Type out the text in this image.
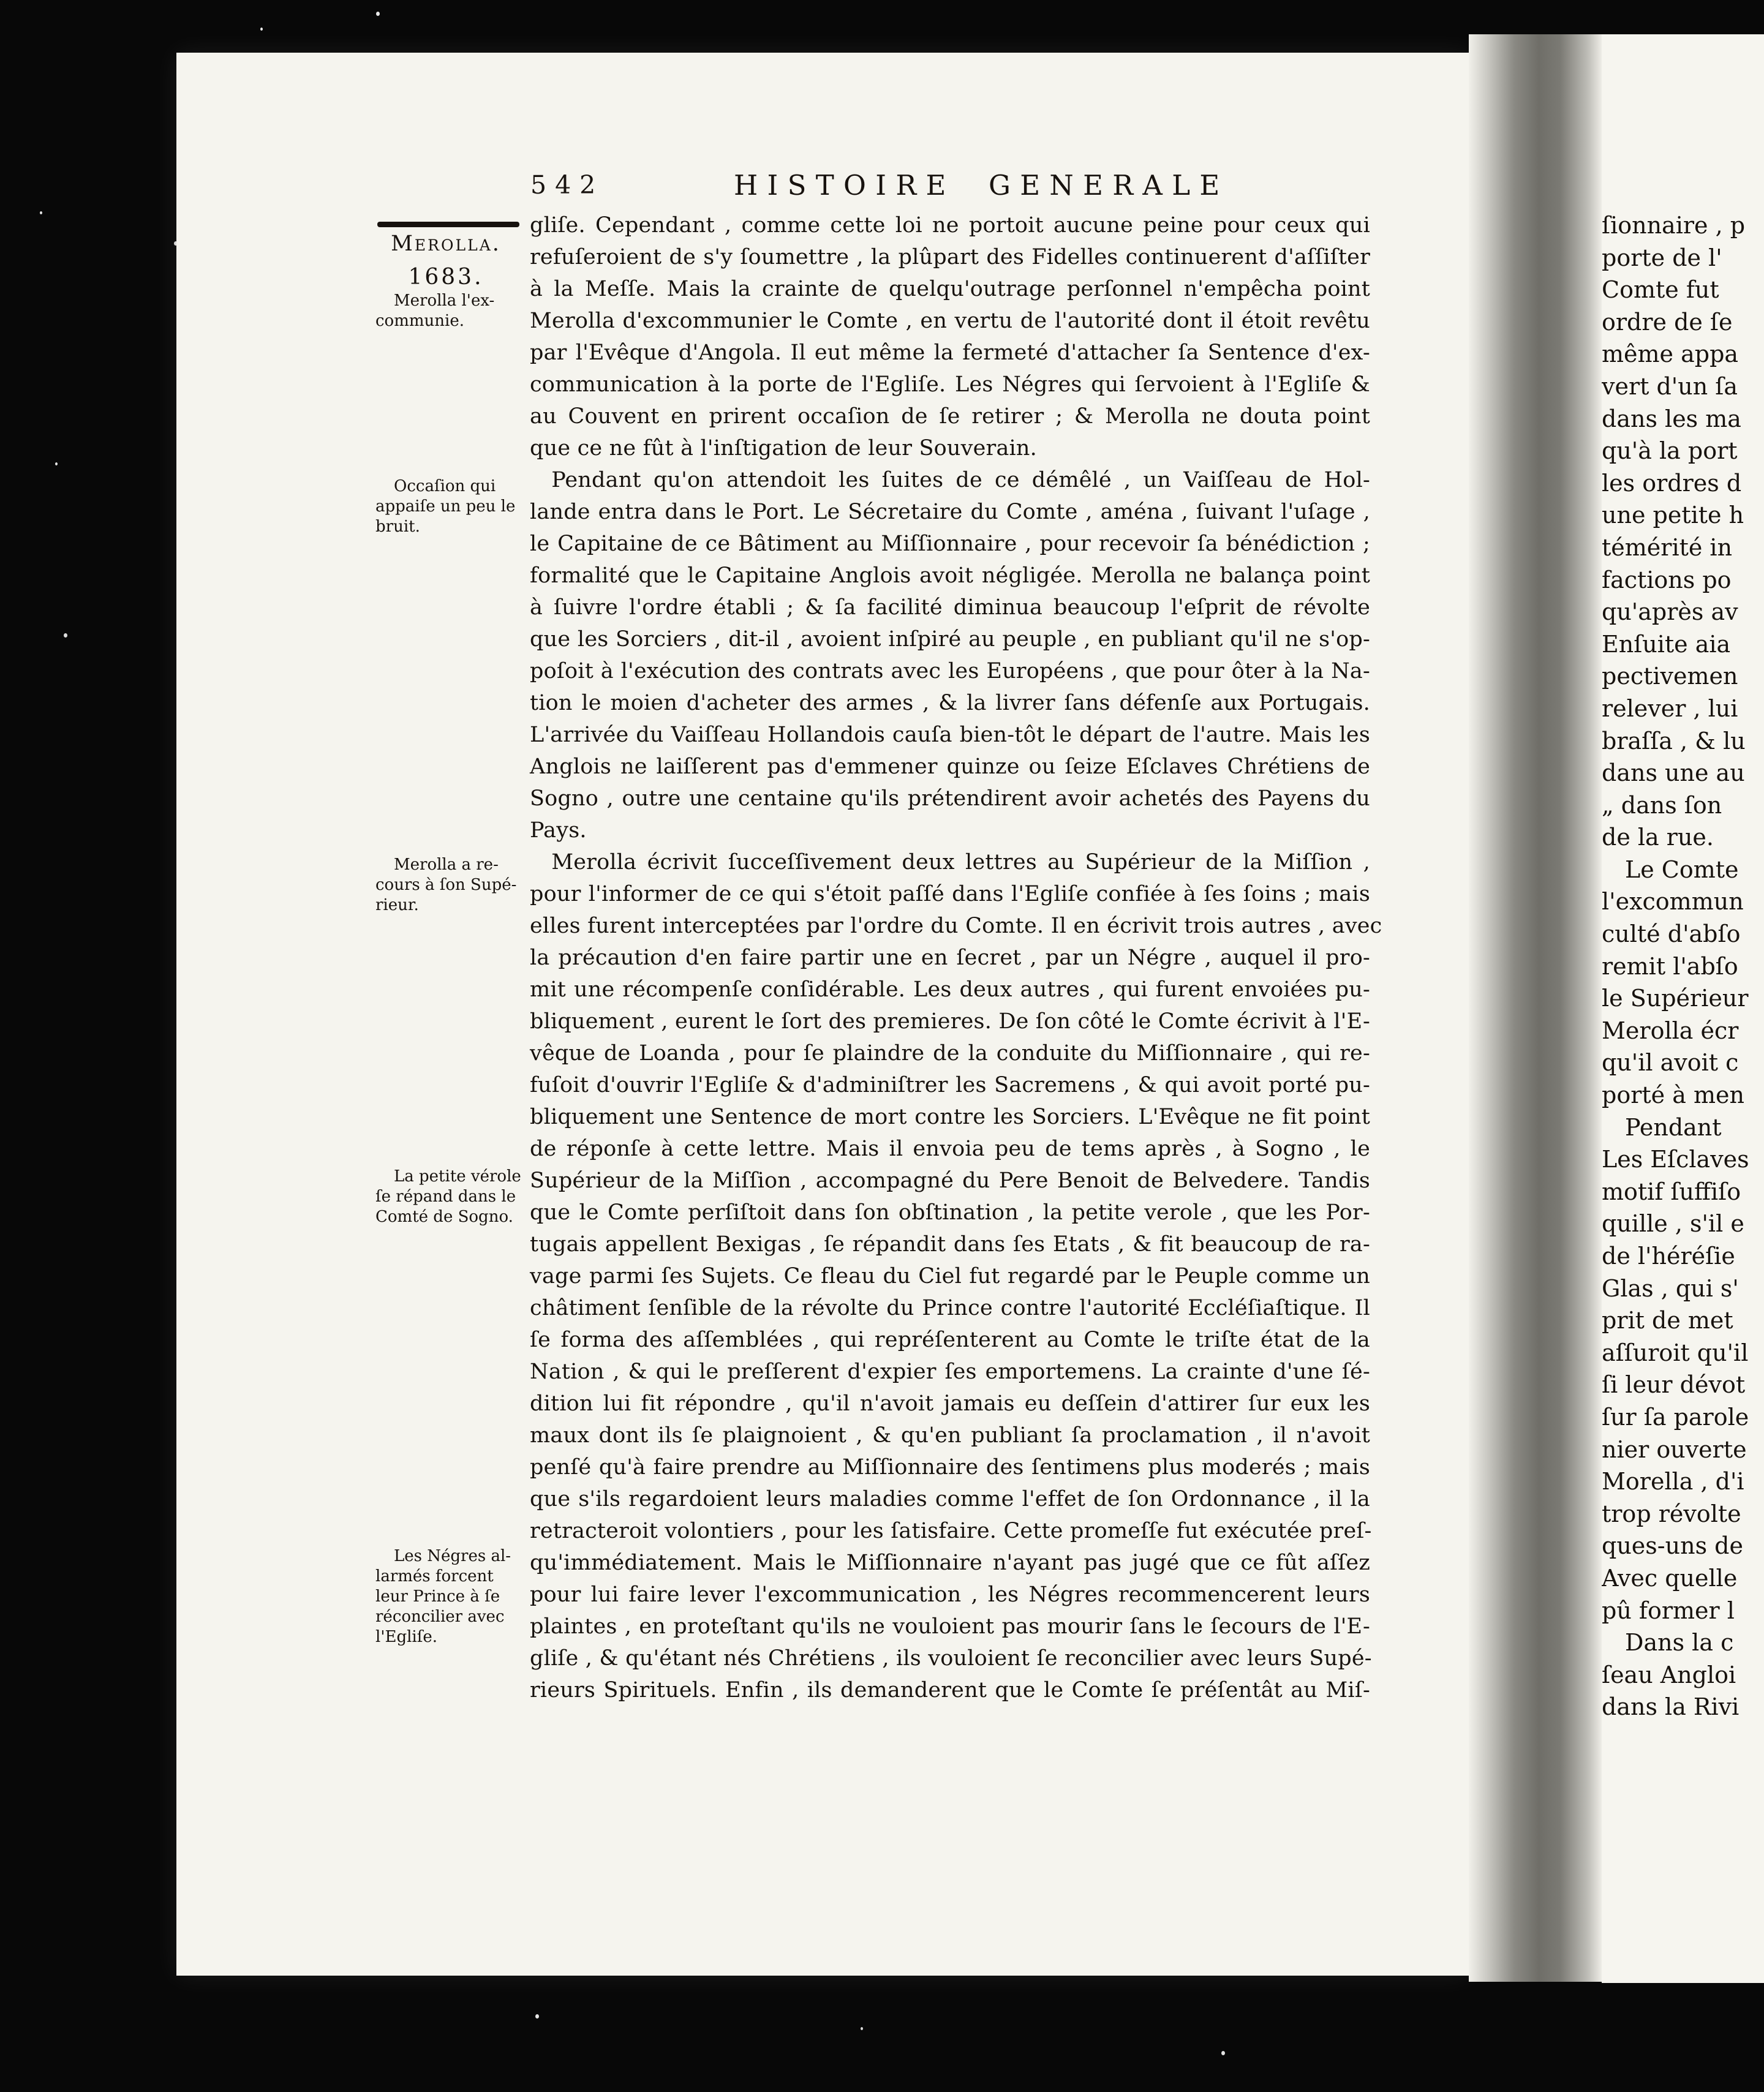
542	HISTOIRE GENERALE
Merolla.
1683.
Merolla l'ex-
communie.
Occaſion qui
appaiſe un peu le
bruit.
Merolla a re-
cours à ſon Supé-
rieur.
La petite vérole
ſe répand dans le
Comté de Sogno.
Les Négres al-
larmés forcent
leur Prince à ſe
réconcilier avec
l'Egliſe.
gliſe. Cependant , comme cette loi ne portoit aucune peine pour ceux qui
refuſeroient de s'y ſoumettre , la plûpart des Fidelles continuerent d'aſſiſter
à la Meſſe. Mais la crainte de quelqu'outrage perſonnel n'empêcha point
Merolla d'excommunier le Comte , en vertu de l'autorité dont il étoit revêtu
par l'Evêque d'Angola. Il eut même la fermeté d'attacher ſa Sentence d'ex-
communication à la porte de l'Egliſe. Les Négres qui ſervoient à l'Egliſe &
au Couvent en prirent occaſion de ſe retirer ; & Merolla ne douta point
que ce ne fût à l'inſtigation de leur Souverain.
 Pendant qu'on attendoit les ſuites de ce démêlé , un Vaiſſeau de Hol-
lande entra dans le Port. Le Sécretaire du Comte , aména , ſuivant l'uſage ,
le Capitaine de ce Bâtiment au Miſſionnaire , pour recevoir ſa bénédiction ;
formalité que le Capitaine Anglois avoit négligée. Merolla ne balança point
à ſuivre l'ordre établi ; & ſa facilité diminua beaucoup l'eſprit de révolte
que les Sorciers , dit-il , avoient inſpiré au peuple , en publiant qu'il ne s'op-
poſoit à l'exécution des contrats avec les Européens , que pour ôter à la Na-
tion le moien d'acheter des armes , & la livrer ſans défenſe aux Portugais.
L'arrivée du Vaiſſeau Hollandois cauſa bien-tôt le départ de l'autre. Mais les
Anglois ne laiſſerent pas d'emmener quinze ou ſeize Eſclaves Chrétiens de
Sogno , outre une centaine qu'ils prétendirent avoir achetés des Payens du
Pays.
 Merolla écrivit ſucceſſivement deux lettres au Supérieur de la Miſſion ,
pour l'informer de ce qui s'étoit paſſé dans l'Egliſe confiée à ſes ſoins ; mais
elles furent interceptées par l'ordre du Comte. Il en écrivit trois autres , avec
la précaution d'en faire partir une en ſecret , par un Négre , auquel il pro-
mit une récompenſe conſidérable. Les deux autres , qui furent envoiées pu-
bliquement , eurent le ſort des premieres. De ſon côté le Comte écrivit à l'E-
vêque de Loanda , pour ſe plaindre de la conduite du Miſſionnaire , qui re-
fuſoit d'ouvrir l'Egliſe & d'adminiſtrer les Sacremens , & qui avoit porté pu-
bliquement une Sentence de mort contre les Sorciers. L'Evêque ne fit point
de réponſe à cette lettre. Mais il envoia peu de tems après , à Sogno , le
Supérieur de la Miſſion , accompagné du Pere Benoit de Belvedere. Tandis
que le Comte perſiſtoit dans ſon obſtination , la petite verole , que les Por-
tugais appellent Bexigas , ſe répandit dans ſes Etats , & fit beaucoup de ra-
vage parmi ſes Sujets. Ce fleau du Ciel fut regardé par le Peuple comme un
châtiment ſenſible de la révolte du Prince contre l'autorité Eccléſiaſtique. Il
ſe forma des aſſemblées , qui repréſenterent au Comte le triſte état de la
Nation , & qui le preſſerent d'expier ſes emportemens. La crainte d'une ſé-
dition lui fit répondre , qu'il n'avoit jamais eu deſſein d'attirer ſur eux les
maux dont ils ſe plaignoient , & qu'en publiant ſa proclamation , il n'avoit
penſé qu'à faire prendre au Miſſionnaire des ſentimens plus moderés ; mais
que s'ils regardoient leurs maladies comme l'effet de ſon Ordonnance , il la
retracteroit volontiers , pour les ſatisfaire. Cette promeſſe fut exécutée preſ-
qu'immédiatement. Mais le Miſſionnaire n'ayant pas jugé que ce fût aſſez
pour lui faire lever l'excommunication , les Négres recommencerent leurs
plaintes , en proteſtant qu'ils ne vouloient pas mourir ſans le ſecours de l'E-
gliſe , & qu'étant nés Chrétiens , ils vouloient ſe reconcilier avec leurs Supé-
rieurs Spirituels. Enfin , ils demanderent que le Comte ſe préſentât au Miſ-
ſionnaire , p
porte de l'
Comte fut
ordre de ſe
même appa
vert d'un ſa
dans les ma
qu'à la port
les ordres d
une petite h
témérité in
factions po
qu'après av
Enſuite aia
pectivemen
relever , lui
braſſa , & lu
dans une au
„ dans ſon
de la rue.
 Le Comte
l'excommun
culté d'abſo
remit l'abſo
le Supérieur
Merolla écr
qu'il avoit c
porté à men
 Pendant
Les Eſclaves
motif ſuffiſo
quille , s'il e
de l'héréſie
Glas , qui s'
prit de met
aſſuroit qu'il
ſi leur dévot
ſur ſa parole
nier ouverte
Morella , d'i
trop révolte
ques-uns de
Avec quelle
pû former l
 Dans la c
ſeau Angloi
dans la Rivi
